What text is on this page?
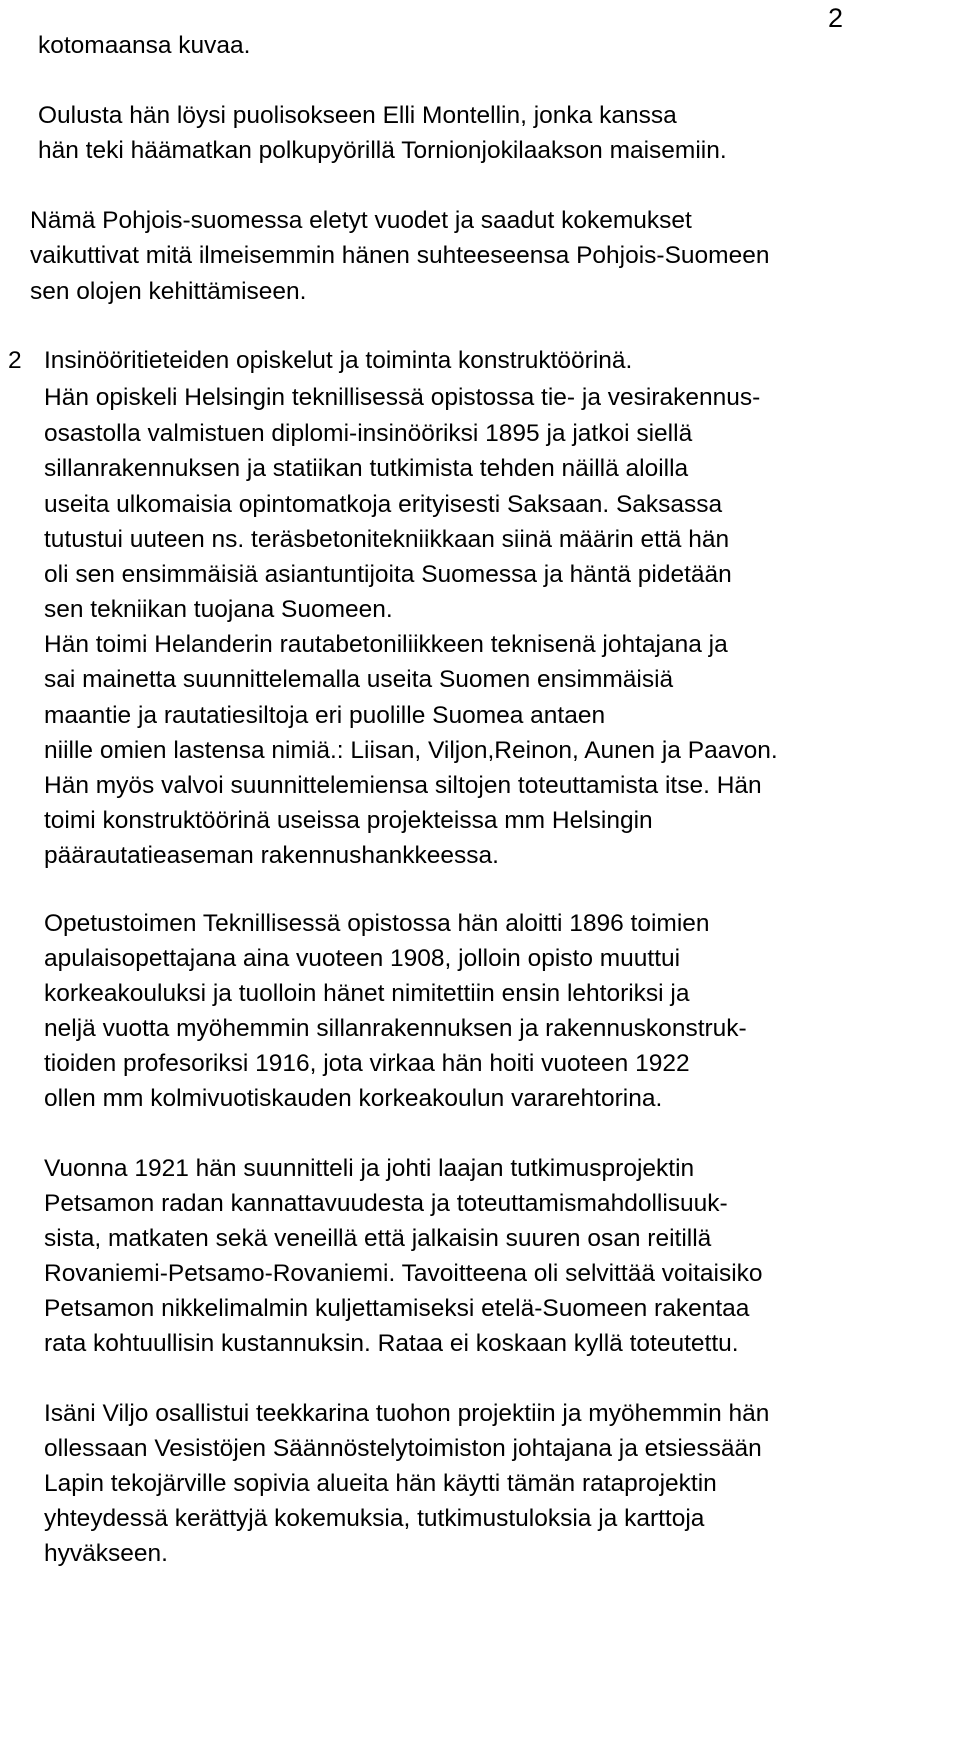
2
kotomaansa kuvaa.
Oulusta hän löysi puolisokseen Elli Montellin, jonka kanssa
hän teki häämatkan polkupyörillä Tornionjokilaakson maisemiin.
Nämä Pohjois-suomessa eletyt vuodet ja saadut kokemukset
vaikuttivat mitä ilmeisemmin hänen suhteeseensa Pohjois-Suomeen
sen olojen kehittämiseen.
2 Insinööritieteiden opiskelut ja toiminta konstruktöörinä.
Hän opiskeli Helsingin teknillisessä opistossa tie- ja vesirakennus-
osastolla valmistuen diplomi-insinööriksi 1895 ja jatkoi siellä
sillanrakennuksen ja statiikan tutkimista tehden näillä aloilla
useita ulkomaisia opintomatkoja erityisesti Saksaan. Saksassa
tutustui uuteen ns. teräsbetonitekniikkaan siinä määrin että hän
oli sen ensimmäisiä asiantuntijoita Suomessa ja häntä pidetään
sen tekniikan tuojana Suomeen.
Hän toimi Helanderin rautabetoniliikkeen teknisenä johtajana ja
sai mainetta suunnittelemalla useita Suomen ensimmäisiä
maantie ja rautatiesiltoja eri puolille Suomea antaen
niille omien lastensa nimiä.: Liisan, Viljon,Reinon, Aunen ja Paavon.
Hän myös valvoi suunnittelemiensa siltojen toteuttamista itse. Hän
toimi konstruktöörinä useissa projekteissa mm Helsingin
päärautatieaseman rakennushankkeessa.
Opetustoimen Teknillisessä opistossa hän aloitti 1896 toimien
apulaisopettajana aina vuoteen 1908, jolloin opisto muuttui
korkeakouluksi ja tuolloin hänet nimitettiin ensin lehtoriksi ja
neljä vuotta myöhemmin sillanrakennuksen ja rakennuskonstruk-
tioiden profesoriksi 1916, jota virkaa hän hoiti vuoteen 1922
ollen mm kolmivuotiskauden korkeakoulun vararehtorina.
Vuonna 1921 hän suunnitteli ja johti laajan tutkimusprojektin
Petsamon radan kannattavuudesta ja toteuttamismahdollisuuk-
sista, matkaten sekä veneillä että jalkaisin suuren osan reitillä
Rovaniemi-Petsamo-Rovaniemi. Tavoitteena oli selvittää voitaisiko
Petsamon nikkelimalmin kuljettamiseksi etelä-Suomeen rakentaa
rata kohtuullisin kustannuksin. Rataa ei koskaan kyllä toteutettu.
Isäni Viljo osallistui teekkarina tuohon projektiin ja myöhemmin hän
ollessaan Vesistöjen Säännöstelytoimiston johtajana ja etsiessään
Lapin tekojärville sopivia alueita hän käytti tämän rataprojektin
yhteydessä kerättyjä kokemuksia, tutkimustuloksia ja karttoja
hyväkseen.
